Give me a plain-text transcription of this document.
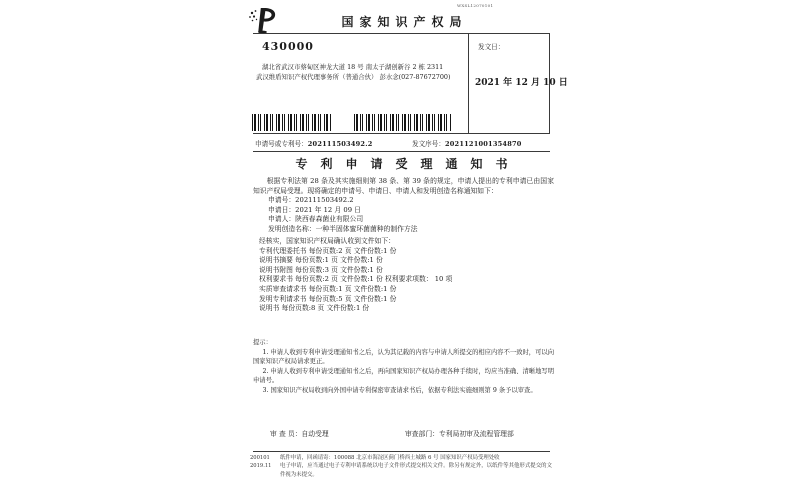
WXSL12070101
国家知识产权局
430000
湖北省武汉市蔡甸区神龙大道 18 号 南太子湖创新谷 2 栋 2311
武汉维盾知识产权代理事务所（普通合伙） 彭水念(027-87672700)
发文日：
2021 年 12 月 10 日
申请号或专利号：202111503492.2	发文序号：2021121001354870
专利申请受理通知书
根据专利法第 28 条及其实施细则第 38 条、第 39 条的规定，申请人提出的专利申请已由国家知识产权局受理。现将确定的申请号、申请日、申请人和发明创造名称通知如下：
申请号：202111503492.2
申请日：2021 年 12 月 09 日
申请人：陕西春森菌业有限公司
发明创造名称：一种半固体蜜环菌菌种的制作方法
经核实，国家知识产权局确认收到文件如下：
专利代理委托书 每份页数:2 页 文件份数:1 份
说明书摘要 每份页数:1 页 文件份数:1 份
说明书附图 每份页数:3 页 文件份数:1 份
权利要求书 每份页数:2 页 文件份数:1 份 权利要求项数： 10 项
实质审查请求书 每份页数:1 页 文件份数:1 份
发明专利请求书 每份页数:5 页 文件份数:1 份
说明书 每份页数:8 页 文件份数:1 份
提示：
1. 申请人收到专利申请受理通知书之后，认为其记载的内容与申请人所提交的相应内容不一致时，可以向国家知识产权局请求更正。
2. 申请人收到专利申请受理通知书之后，再向国家知识产权局办理各种手续时，均应当准确、清晰地写明申请号。
3. 国家知识产权局收到向外国申请专利保密审查请求书后，依据专利法实施细则第 9 条予以审查。
审 查 员：自动受理	审查部门：专利局初审及流程管理部
200101
2019.11
纸件申请，回函请寄：100088 北京市海淀区蓟门桥西土城路 6 号 国家知识产权局受理处收
电子申请，应当通过电子专利申请系统以电子文件形式提交相关文件。除另有规定外，以纸件等其他形式提交的文件视为未提交。
